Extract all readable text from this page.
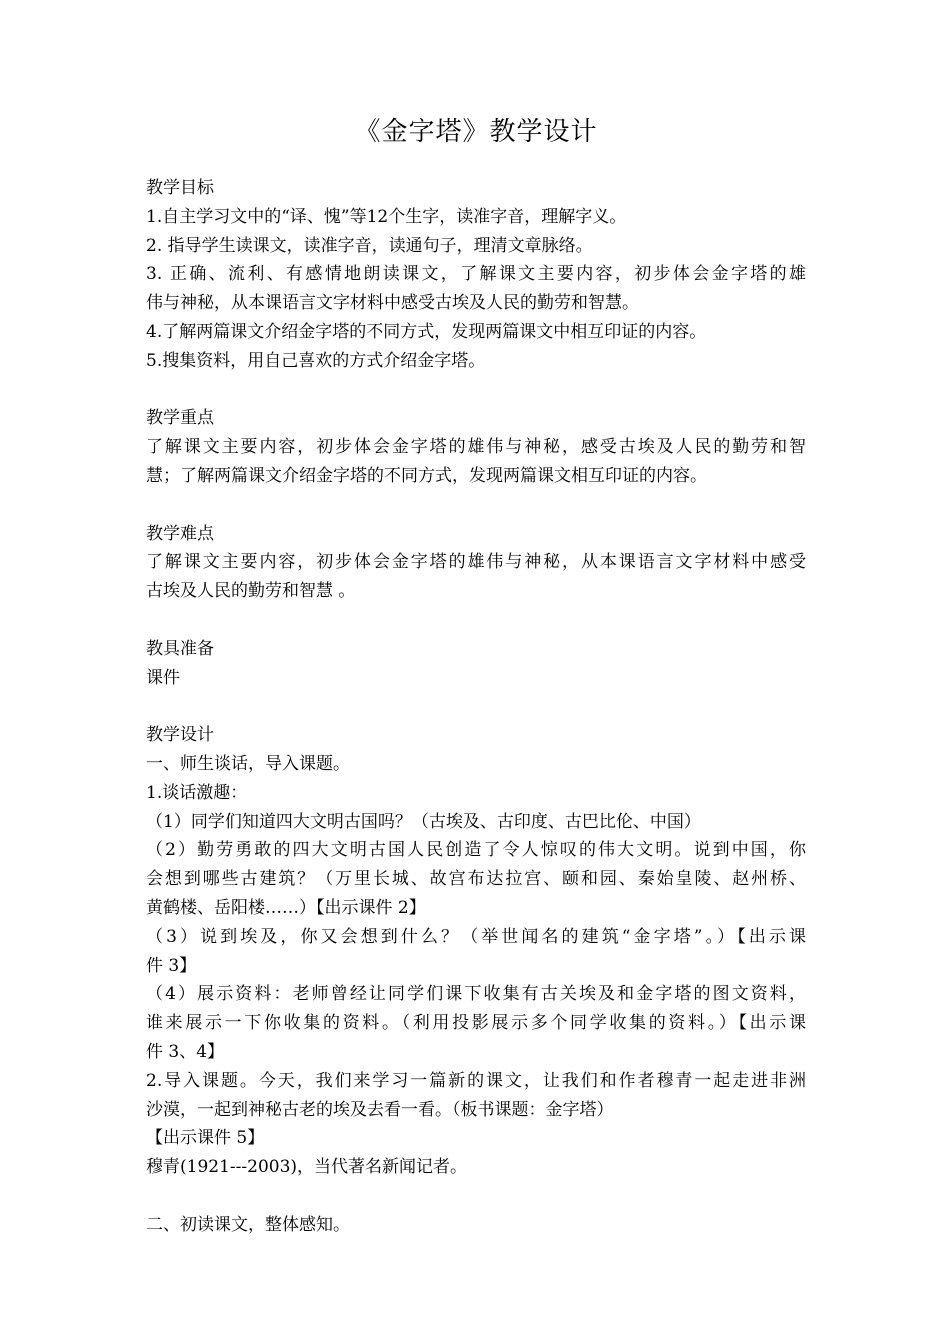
《金字塔》教学设计
教学目标
1.自主学习文中的“译、愧”等12个生字，读准字音，理解字义。
2. 指导学生读课文，读准字音，读通句子，理清文章脉络。
3. 正确、流利、有感情地朗读课文，了解课文主要内容，初步体会金字塔的雄
伟与神秘，从本课语言文字材料中感受古埃及人民的勤劳和智慧。
4.了解两篇课文介绍金字塔的不同方式，发现两篇课文中相互印证的内容。
5.搜集资料，用自己喜欢的方式介绍金字塔。
教学重点
了解课文主要内容，初步体会金字塔的雄伟与神秘，感受古埃及人民的勤劳和智
慧；了解两篇课文介绍金字塔的不同方式，发现两篇课文相互印证的内容。
教学难点
了解课文主要内容，初步体会金字塔的雄伟与神秘，从本课语言文字材料中感受
古埃及人民的勤劳和智慧 。
教具准备
课件
教学设计
一、师生谈话，导入课题。
1.谈话激趣：
（1）同学们知道四大文明古国吗？（古埃及、古印度、古巴比伦、中国）
（2）勤劳勇敢的四大文明古国人民创造了令人惊叹的伟大文明。说到中国，你
会想到哪些古建筑？（万里长城、故宫布达拉宫、颐和园、秦始皇陵、赵州桥、
黄鹤楼、岳阳楼……）【出示课件 2】
（3）说到埃及，你又会想到什么？（举世闻名的建筑“金字塔”。）【出示课
件 3】
（4）展示资料：老师曾经让同学们课下收集有古关埃及和金字塔的图文资料，
谁来展示一下你收集的资料。（利用投影展示多个同学收集的资料。）【出示课
件 3、4】
2.导入课题。今天，我们来学习一篇新的课文，让我们和作者穆青一起走进非洲
沙漠，一起到神秘古老的埃及去看一看。（板书课题：金字塔）
【出示课件 5】
穆青(1921---2003)，当代著名新闻记者。
二、初读课文，整体感知。
